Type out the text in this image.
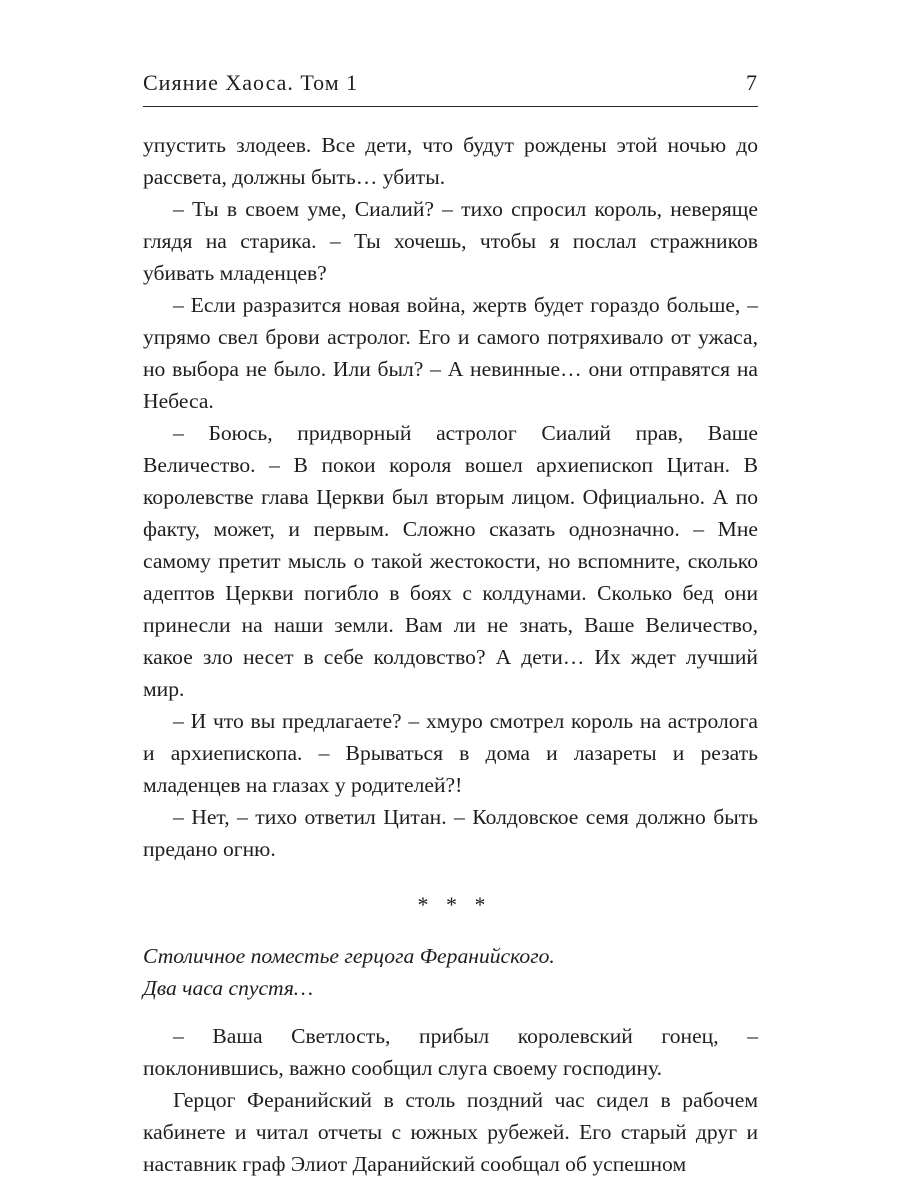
Сияние Хаоса. Том 1	7

упустить злодеев. Все дети, что будут рождены этой ночью до рассвета, должны быть… убиты.

– Ты в своем уме, Сиалий? – тихо спросил король, неверяще глядя на старика. – Ты хочешь, чтобы я послал стражников убивать младенцев?

– Если разразится новая война, жертв будет гораздо больше, – упрямо свел брови астролог. Его и самого потряхивало от ужаса, но выбора не было. Или был? – А невинные… они отправятся на Небеса.

– Боюсь, придворный астролог Сиалий прав, Ваше Величество. – В покои короля вошел архиепископ Цитан. В королевстве глава Церкви был вторым лицом. Официально. А по факту, может, и первым. Сложно сказать однозначно. – Мне самому претит мысль о такой жестокости, но вспомните, сколько адептов Церкви погибло в боях с колдунами. Сколько бед они принесли на наши земли. Вам ли не знать, Ваше Величество, какое зло несет в себе колдовство? А дети… Их ждет лучший мир.

– И что вы предлагаете? – хмуро смотрел король на астролога и архиепископа. – Врываться в дома и лазареты и резать младенцев на глазах у родителей?!

– Нет, – тихо ответил Цитан. – Колдовское семя должно быть предано огню.

* * *

Столичное поместье герцога Феранийского.

Два часа спустя…

– Ваша Светлость, прибыл королевский гонец, – поклонившись, важно сообщил слуга своему господину.

Герцог Феранийский в столь поздний час сидел в рабочем кабинете и читал отчеты с южных рубежей. Его старый друг и наставник граф Элиот Даранийский сообщал об успешном
